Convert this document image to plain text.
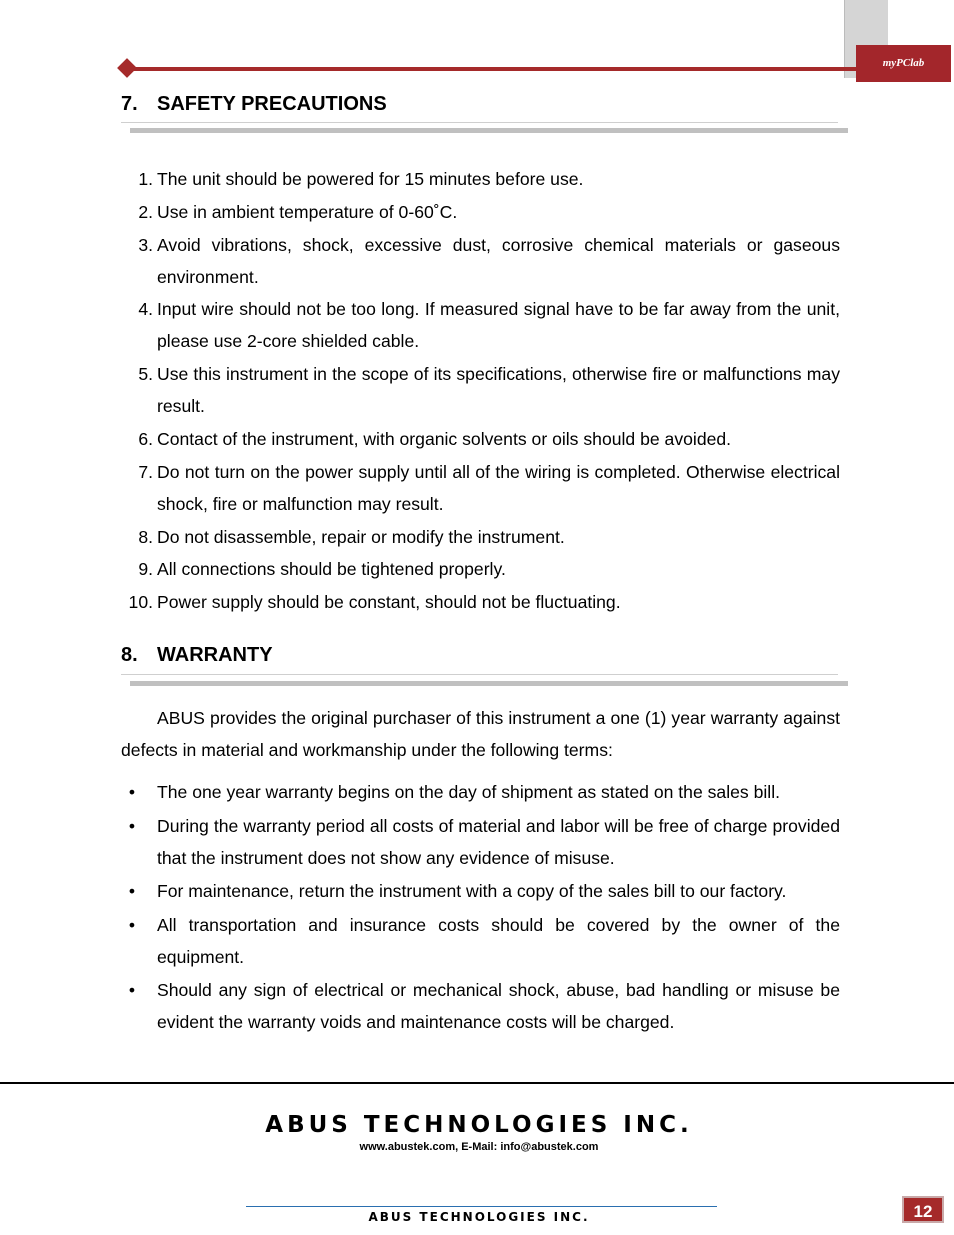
myPClab
7. SAFETY PRECAUTIONS
1. The unit should be powered for 15 minutes before use.
2. Use in ambient temperature of 0-60˚C.
3. Avoid vibrations, shock, excessive dust, corrosive chemical materials or gaseous environment.
4. Input wire should not be too long. If measured signal have to be far away from the unit, please use 2-core shielded cable.
5. Use this instrument in the scope of its specifications, otherwise fire or malfunctions may result.
6. Contact of the instrument, with organic solvents or oils should be avoided.
7. Do not turn on the power supply until all of the wiring is completed. Otherwise electrical shock, fire or malfunction may result.
8. Do not disassemble, repair or modify the instrument.
9. All connections should be tightened properly.
10. Power supply should be constant, should not be fluctuating.
8. WARRANTY

ABUS provides the original purchaser of this instrument a one (1) year warranty against defects in material and workmanship under the following terms:

• The one year warranty begins on the day of shipment as stated on the sales bill.
• During the warranty period all costs of material and labor will be free of charge provided that the instrument does not show any evidence of misuse.
• For maintenance, return the instrument with a copy of the sales bill to our factory.
• All transportation and insurance costs should be covered by the owner of the equipment.
• Should any sign of electrical or mechanical shock, abuse, bad handling or misuse be evident the warranty voids and maintenance costs will be charged.
ABUS TECHNOLOGIES INC.
www.abustek.com, E-Mail: info@abustek.com
ABUS TECHNOLOGIES INC.	12
